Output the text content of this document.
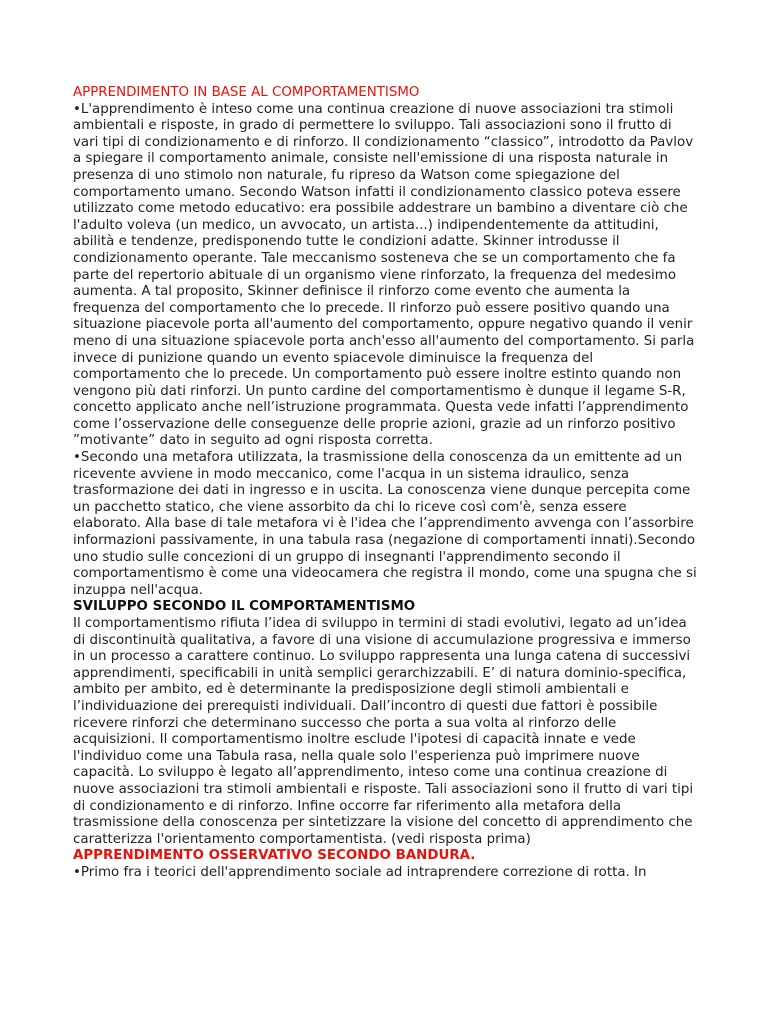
APPRENDIMENTO IN BASE AL COMPORTAMENTISMO

•L'apprendimento è inteso come una continua creazione di nuove associazioni tra stimoli ambientali e risposte, in grado di permettere lo sviluppo. Tali associazioni sono il frutto di vari tipi di condizionamento e di rinforzo. Il condizionamento “classico”, introdotto da Pavlov a spiegare il comportamento animale, consiste nell'emissione di una risposta naturale in presenza di uno stimolo non naturale, fu ripreso da Watson come spiegazione del comportamento umano. Secondo Watson infatti il condizionamento classico poteva essere utilizzato come metodo educativo: era possibile addestrare un bambino a diventare ciò che l'adulto voleva (un medico, un avvocato, un artista...) indipendentemente da attitudini, abilità e tendenze, predisponendo tutte le condizioni adatte. Skinner introdusse il condizionamento operante. Tale meccanismo sosteneva che se un comportamento che fa parte del repertorio abituale di un organismo viene rinforzato, la frequenza del medesimo aumenta. A tal proposito, Skinner definisce il rinforzo come evento che aumenta la frequenza del comportamento che lo precede. Il rinforzo può essere positivo quando una situazione piacevole porta all'aumento del comportamento, oppure negativo quando il venir meno di una situazione spiacevole porta anch'esso all'aumento del comportamento. Si parla invece di punizione quando un evento spiacevole diminuisce la frequenza del comportamento che lo precede. Un comportamento può essere inoltre estinto quando non vengono più dati rinforzi. Un punto cardine del comportamentismo è dunque il legame S-R, concetto applicato anche nell’istruzione programmata. Questa vede infatti l’apprendimento come l’osservazione delle conseguenze delle proprie azioni, grazie ad un rinforzo positivo ”motivante” dato in seguito ad ogni risposta corretta.

•Secondo una metafora utilizzata, la trasmissione della conoscenza da un emittente ad un ricevente avviene in modo meccanico, come l'acqua in un sistema idraulico, senza trasformazione dei dati in ingresso e in uscita. La conoscenza viene dunque percepita come un pacchetto statico, che viene assorbito da chi lo riceve così com'è, senza essere elaborato. Alla base di tale metafora vi è l'idea che l’apprendimento avvenga con l’assorbire informazioni passivamente, in una tabula rasa (negazione di comportamenti innati).Secondo uno studio sulle concezioni di un gruppo di insegnanti l'apprendimento secondo il comportamentismo è come una videocamera che registra il mondo, come una spugna che si inzuppa nell'acqua.

SVILUPPO SECONDO IL COMPORTAMENTISMO

Il comportamentismo rifiuta l’idea di sviluppo in termini di stadi evolutivi, legato ad un’idea di discontinuità qualitativa, a favore di una visione di accumulazione progressiva e immerso in un processo a carattere continuo. Lo sviluppo rappresenta una lunga catena di successivi apprendimenti, specificabili in unità semplici gerarchizzabili. E’ di natura dominio-specifica, ambito per ambito, ed è determinante la predisposizione degli stimoli ambientali e l’individuazione dei prerequisti individuali. Dall’incontro di questi due fattori è possibile ricevere rinforzi che determinano successo che porta a sua volta al rinforzo delle acquisizioni. Il comportamentismo inoltre esclude l'ipotesi di capacità innate e vede l'individuo come una Tabula rasa, nella quale solo l'esperienza può imprimere nuove capacità. Lo sviluppo è legato all’apprendimento, inteso come una continua creazione di nuove associazioni tra stimoli ambientali e risposte. Tali associazioni sono il frutto di vari tipi di condizionamento e di rinforzo. Infine occorre far riferimento alla metafora della trasmissione della conoscenza per sintetizzare la visione del concetto di apprendimento che caratterizza l'orientamento comportamentista. (vedi risposta prima)

APPRENDIMENTO OSSERVATIVO SECONDO BANDURA.

•Primo fra i teorici dell'apprendimento sociale ad intraprendere correzione di rotta. In
